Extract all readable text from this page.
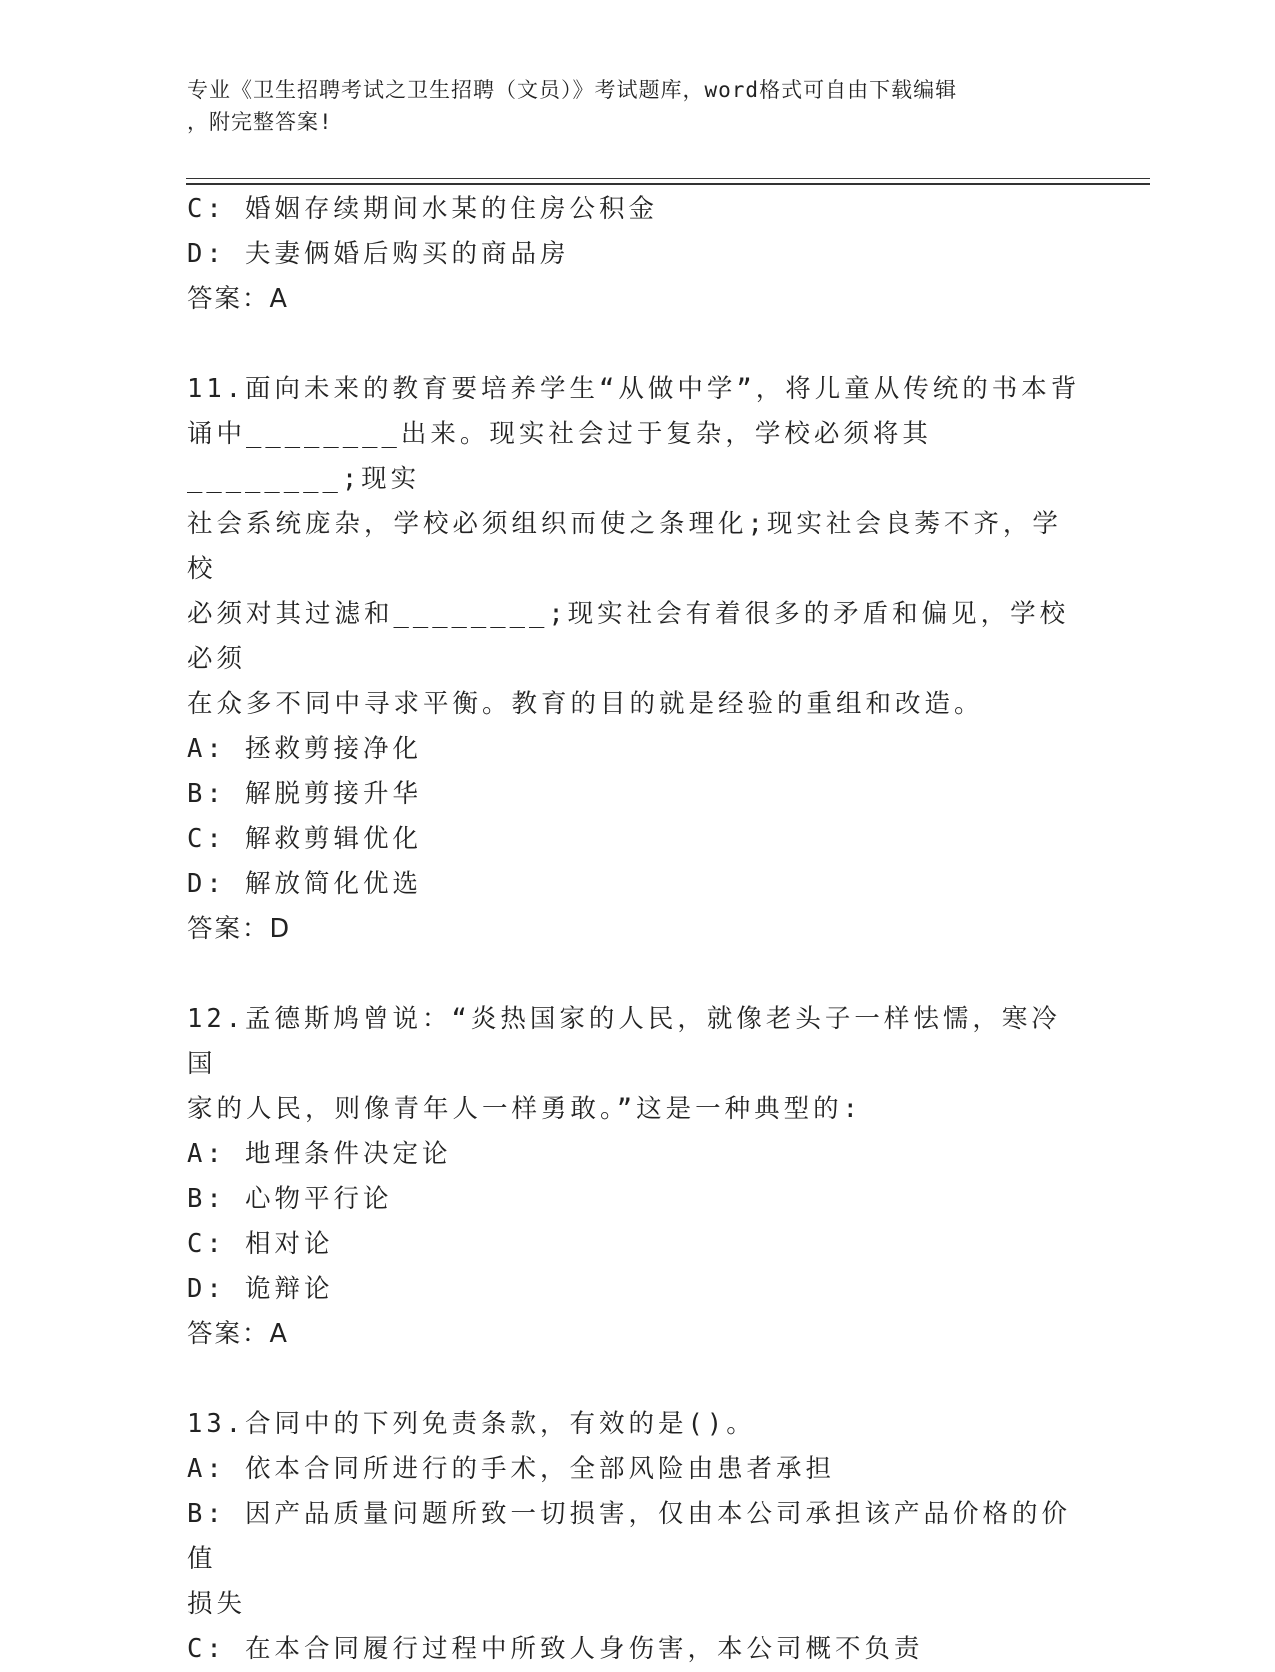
专业《卫生招聘考试之卫生招聘（文员）》考试题库，word格式可自由下载编辑
，附完整答案!
C: 婚姻存续期间水某的住房公积金
D: 夫妻俩婚后购买的商品房
答案：A
11.面向未来的教育要培养学生“从做中学”，将儿童从传统的书本背
诵中________出来。现实社会过于复杂，学校必须将其________;现实
社会系统庞杂，学校必须组织而使之条理化;现实社会良莠不齐，学校
必须对其过滤和________;现实社会有着很多的矛盾和偏见，学校必须
在众多不同中寻求平衡。教育的目的就是经验的重组和改造。
A: 拯救剪接净化
B: 解脱剪接升华
C: 解救剪辑优化
D: 解放简化优选
答案：D
12.孟德斯鸠曾说：“炎热国家的人民，就像老头子一样怯懦，寒冷国
家的人民，则像青年人一样勇敢。”这是一种典型的:
A: 地理条件决定论
B: 心物平行论
C: 相对论
D: 诡辩论
答案：A
13.合同中的下列免责条款，有效的是()。
A: 依本合同所进行的手术，全部风险由患者承担
B: 因产品质量问题所致一切损害，仅由本公司承担该产品价格的价值
损失
C: 在本合同履行过程中所致人身伤害，本公司概不负责
